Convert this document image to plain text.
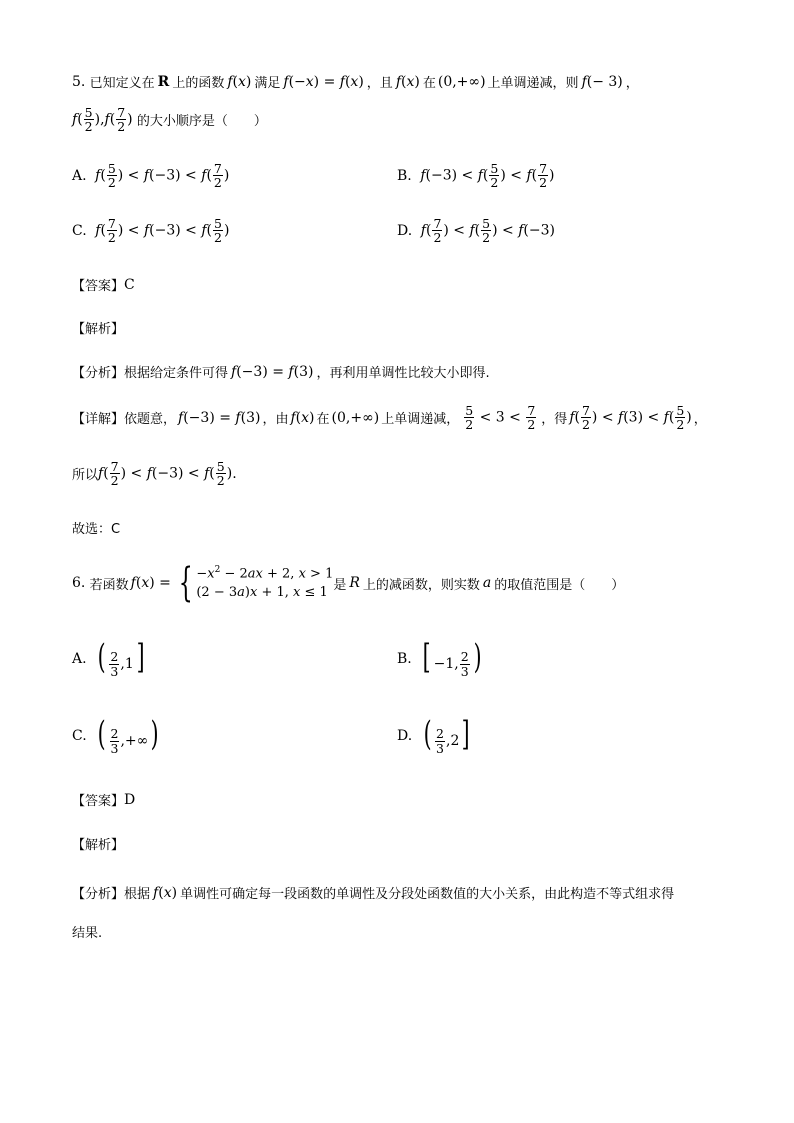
5.
已知定义在 R 上的函数 f(x) 满足 f(−x) = f(x) ，且 f(x) 在 (0,+∞) 上单调递减，则 f(− 3) ，
$f( \frac{5}{2} ),f( \frac{7}{2}$ )
的大小顺序是（　　）
A.
$f( \frac{5}{2}$ ) < $f(-3) < f( \frac{7}{2}$ )	B.
$f(-3) < f( \frac{5}{2}$ ) < $f( \frac{7}{2}$ )
C.
$f( \frac{7}{2}$ ) < $f(-3) < f( \frac{5}{2}$ )	D.
$f( \frac{7}{2}$ ) < $f( \frac{5}{2}$ ) < f(−3)
【答案】 C
【解析】
【分析】 根据给定条件可得 f(−3) = f(3) ，再利用单调性比较大小即得.
【详解】 依题意， f(−3) = f(3) ，由 f(x) 在 (0,+∞) 上单调递减， $\frac{5}{2} < 3 < \frac{7}{2}$ ，得 $f( \frac{7}{2}$ ) < $f(3) < f( \frac{5}{2}$ ) ，
所以 $f( \frac{7}{2}$ ) < $f(-3) < f( \frac{5}{2}$ ) .
故选：C
6.
若函数 f(x) = { $-x^2 - 2ax + 2$, x > 1
(2 − 3a)x + 1, x ≤ 1 是 R 上的减函数，则实数 a 的取值范围是（　　）
A.
( $\frac{2}{3} ,1$]	B.
[ −1, $\frac{2}{3}$ )
C.
( $\frac{2}{3}$ ,+∞)	D.
( $\frac{2}{3} ,2$]
【答案】 D
【解析】
【分析】 根据 f(x) 单调性可确定每一段函数的单调性及分段处函数值的大小关系，由此构造不等式组求得
结果.
